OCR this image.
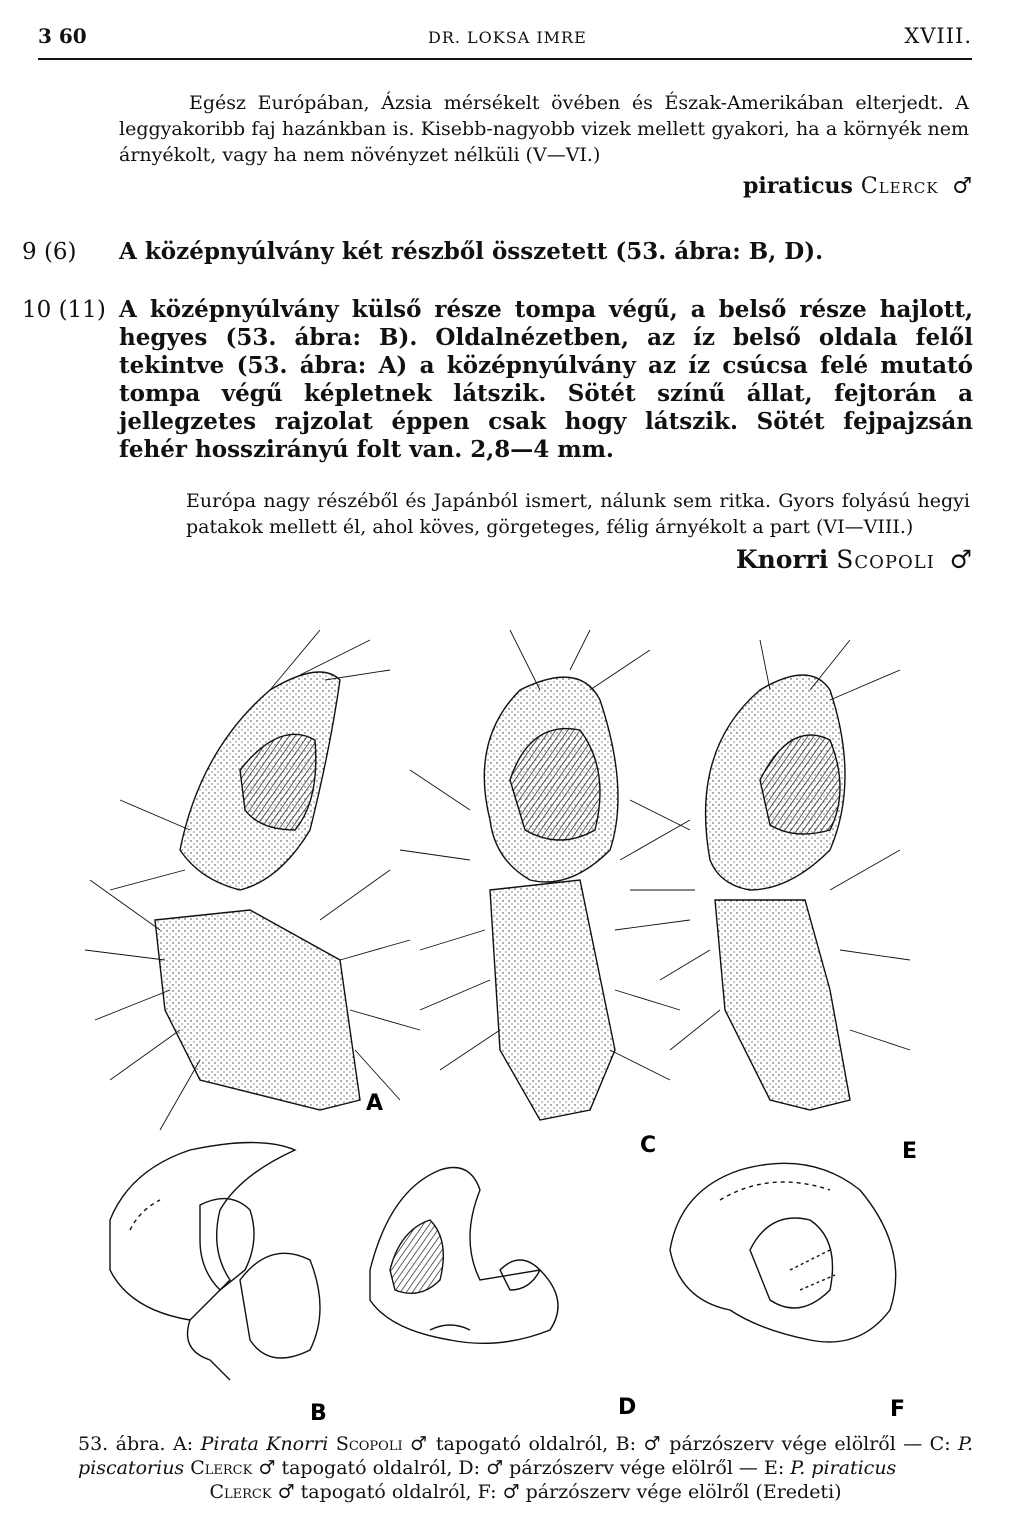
3 60	DR. LOKSA IMRE	XVIII.

Egész Európában, Ázsia mérsékelt övében és Észak-Amerikában elterjedt. A leggyakoribb faj hazánkban is. Kisebb-nagyobb vizek mellett gyakori, ha a környék nem árnyékolt, vagy ha nem növényzet nélküli (V—VI.)

piraticus Clerck ♂
9 (6)	A középnyúlvány két részből összetett (53. ábra: B, D).
10 (11) A középnyúlvány külső része tompa végű, a belső része hajlott, hegyes (53. ábra: B). Oldalnézetben, az íz belső oldala felől tekintve (53. ábra: A) a középnyúlvány az íz csúcsa felé mutató tompa végű képletnek látszik. Sötét színű állat, fejtorán a jellegzetes rajzolat éppen csak hogy látszik. Sötét fejpajzsán fehér hosszirányú folt van. 2,8—4 mm.

Európa nagy részéből és Japánból ismert, nálunk sem ritka. Gyors folyású hegyi patakok mellett él, ahol köves, görgeteges, félig árnyékolt a part (VI—VIII.)

Knorri Scopoli ♂
A
C	E
B	D	F
53. ábra. A: Pirata Knorri Scopoli ♂ tapogató oldalról, B: ♂ párzószerv vége elölről — C: P. piscatorius Clerck ♂ tapogató oldalról, D: ♂ párzószerv vége elölről — E: P. piraticus
Clerck ♂ tapogató oldalról, F: ♂ párzószerv vége elölről (Eredeti)
